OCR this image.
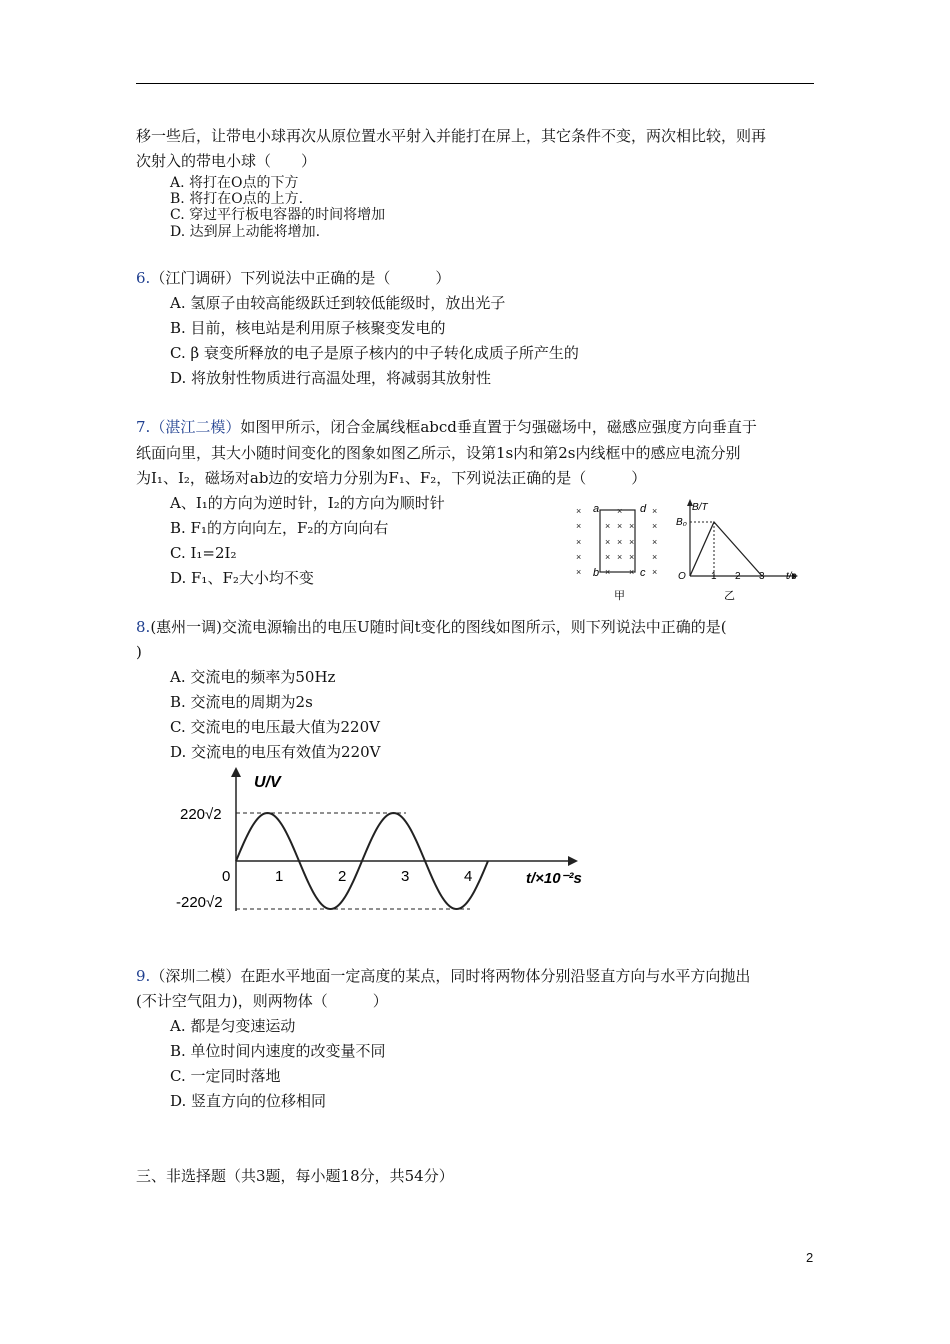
移一些后，让带电小球再次从原位置水平射入并能打在屏上，其它条件不变，两次相比较，则再
次射入的带电小球（　　）
A. 将打在O点的下方
B. 将打在O点的上方.
C. 穿过平行板电容器的时间将增加
D. 达到屏上动能将增加.
6.（江门调研）下列说法中正确的是（　　　）
A. 氢原子由较高能级跃迁到较低能级时，放出光子
B. 目前，核电站是利用原子核聚变发电的
C. β 衰变所释放的电子是原子核内的中子转化成质子所产生的
D. 将放射性物质进行高温处理，将减弱其放射性
7.（湛江二模）如图甲所示，闭合金属线框abcd垂直置于匀强磁场中，磁感应强度方向垂直于
纸面向里，其大小随时间变化的图象如图乙所示，设第1s内和第2s内线框中的感应电流分别
为I₁、I₂，磁场对ab边的安培力分别为F₁、F₂，下列说法正确的是（　　　）
A、I₁的方向为逆时针，I₂的方向为顺时针
B. F₁的方向向左，F₂的方向向右
C. I₁=2I₂
D. F₁、F₂大小均不变
×
×
×
×
×
×
×
×
×
×
×
×
×
×
×
×
×
×
×
×
×
×
a	d
b	c
甲
B/T
t/s
B₀
O	1 2 3
乙
8.(惠州一调)交流电源输出的电压U随时间t变化的图线如图所示，则下列说法中正确的是(
)
A. 交流电的频率为50Hz
B. 交流电的周期为2s
C. 交流电的电压最大值为220V
D. 交流电的电压有效值为220V
U/V
t/×10⁻²s
220√2
-220√2
0	1	2	3	4
9.（深圳二模）在距水平地面一定高度的某点，同时将两物体分别沿竖直方向与水平方向抛出
(不计空气阻力)，则两物体（　　　）
A. 都是匀变速运动
B. 单位时间内速度的改变量不同
C. 一定同时落地
D. 竖直方向的位移相同
三、非选择题（共3题，每小题18分，共54分）
2
